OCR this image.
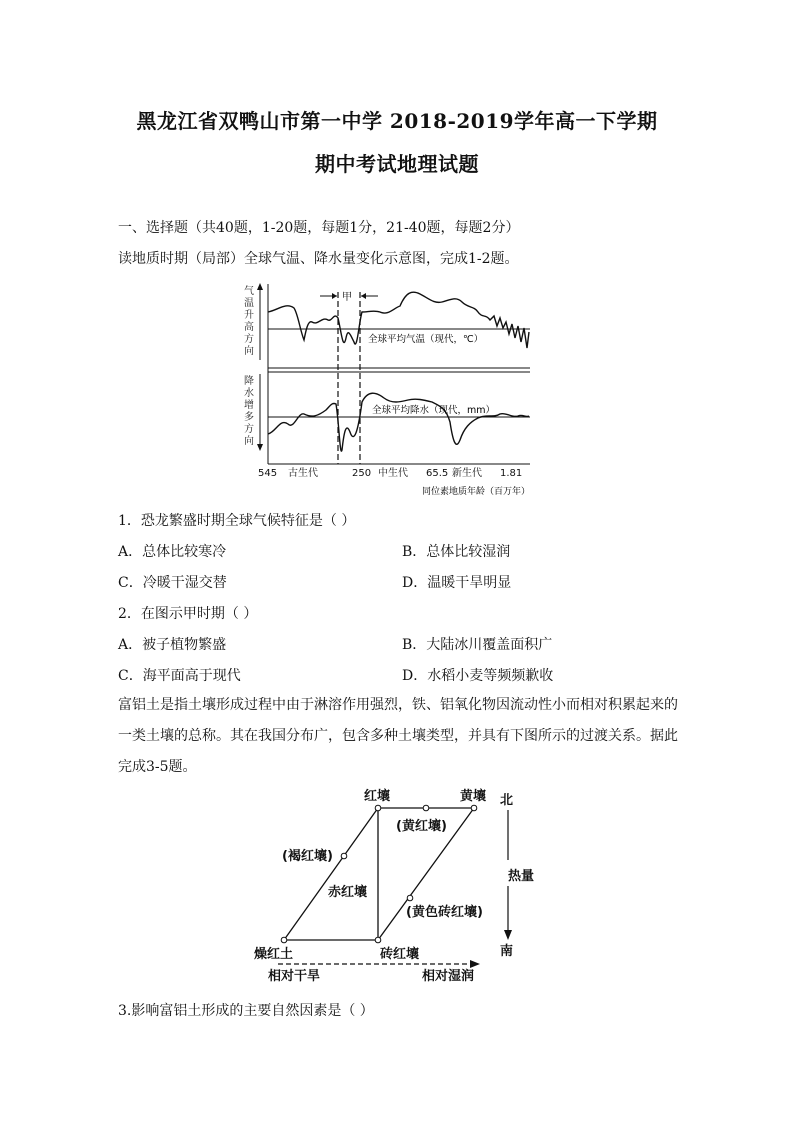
黑龙江省双鸭山市第一中学 2018-2019学年高一下学期
期中考试地理试题
一、选择题（共40题，1-20题，每题1分，21-40题，每题2分）
读地质时期（局部）全球气温、降水量变化示意图，完成1-2题。
气
温
升
高
方
向
降
水
增
多
方
向
甲
全球平均气温（现代，℃）
全球平均降水（现代，mm）
545 古生代	250 中生代 65.5 新生代 1.81
同位素地质年龄（百万年）
1．恐龙繁盛时期全球气候特征是（ ）
A．总体比较寒冷	B．总体比较湿润
C．冷暖干湿交替	D．温暖干旱明显
2．在图示甲时期（ ）
A．被子植物繁盛	B．大陆冰川覆盖面积广
C．海平面高于现代	D．水稻小麦等频频歉收
富铝土是指土壤形成过程中由于淋溶作用强烈，铁、铝氧化物因流动性小而相对积累起来的一类土壤的总称。其在我国分布广，包含多种土壤类型，并具有下图所示的过渡关系。据此完成3-5题。
红壤	黄壤 北
(黄红壤)
(褐红壤)
热量
赤红壤
(黄色砖红壤)
燥红土	砖红壤	南
相对干旱	相对湿润
3.影响富铝土形成的主要自然因素是（ ）
